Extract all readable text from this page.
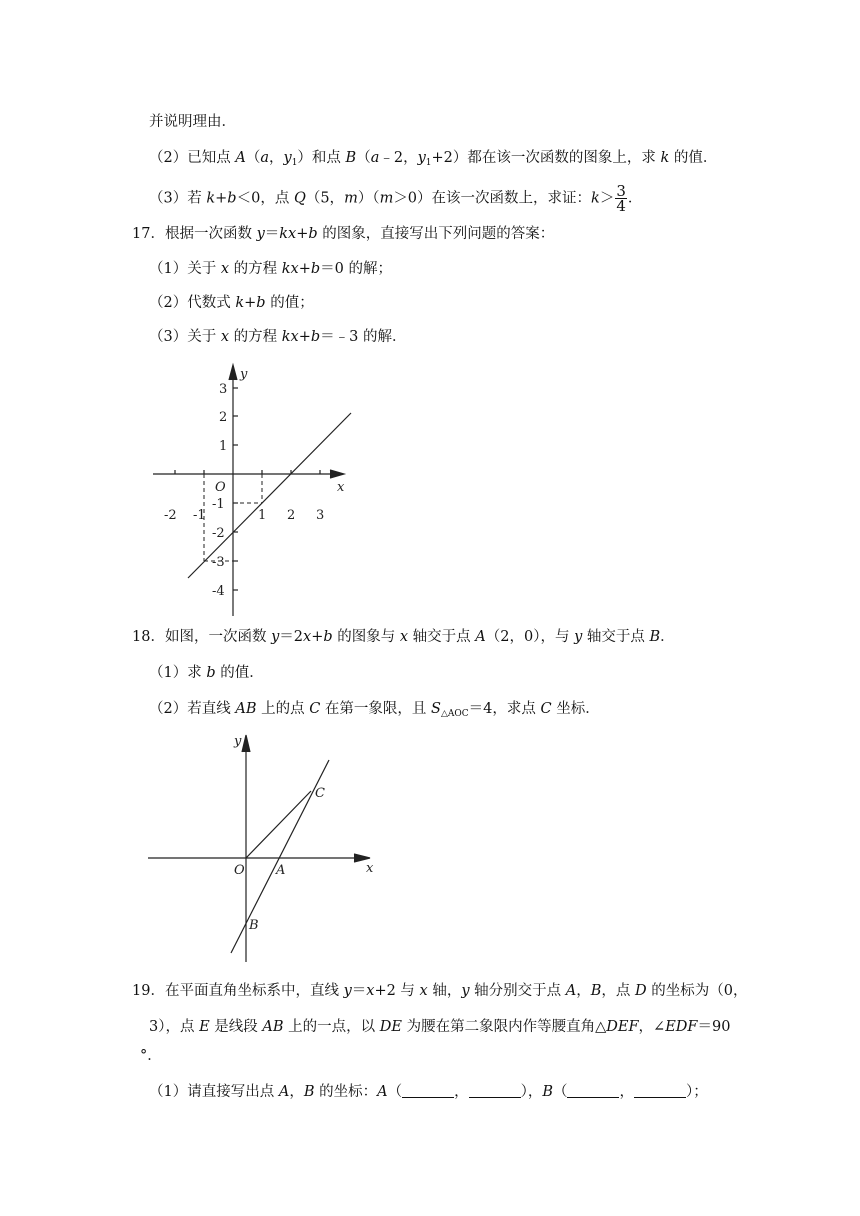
并说明理由．
（2）已知点 A（a，$y_1$）和点 B（a﹣2，$y_1+2$）都在该一次函数的图象上，求 k 的值．
（3）若 k+b＜0，点 Q（5，m）（m＞0）在该一次函数上，求证：$k> \frac{3}{4}$ ．
17．根据一次函数 y＝kx+b 的图象，直接写出下列问题的答案：
（1）关于 x 的方程 kx+b＝0 的解；
（2）代数式 k+b 的值；
（3）关于 x 的方程 kx+b＝﹣3 的解．
y
x
O
3
2
1
-1
-2
-3
-4
-2 -1	1 2 3
18．如图，一次函数 y＝2x+b 的图象与 x 轴交于点 A（2，0），与 y 轴交于点 B．
（1）求 b 的值．
（2）若直线 AB 上的点 C 在第一象限，且 $S_{\triangle AOC}=4$，求点 C 坐标．
y
x
O A
B
C
19．在平面直角坐标系中，直线 y＝x+2 与 x 轴，y 轴分别交于点 A，B，点 D 的坐标为（0，
3），点 E 是线段 AB 上的一点，以 DE 为腰在第二象限内作等腰直角△DEF，∠EDF＝90
°．
（1）请直接写出点 A，B 的坐标：A（	，	），B（	，	）；
